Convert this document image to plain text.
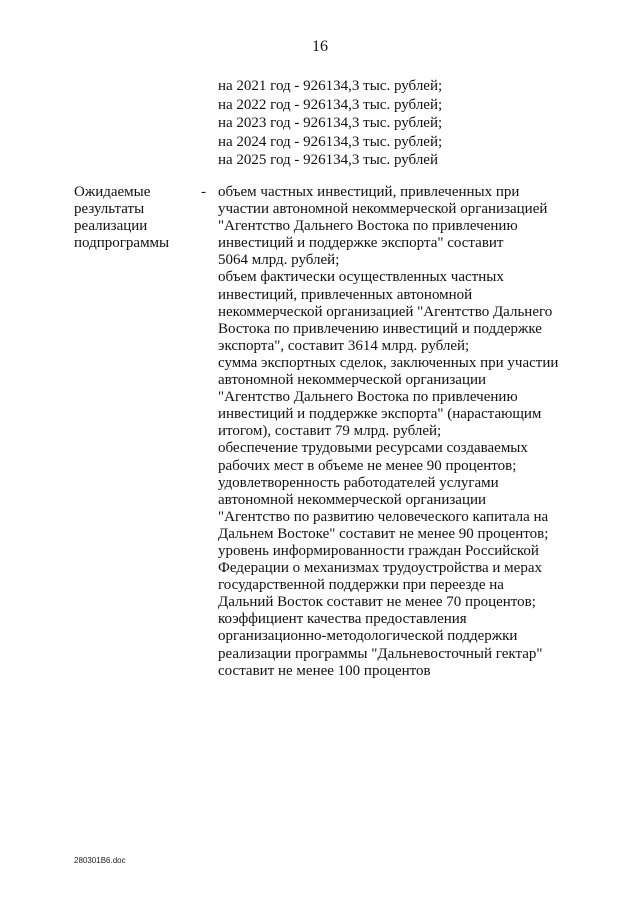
16
на 2021 год - 926134,3 тыс. рублей;
на 2022 год - 926134,3 тыс. рублей;
на 2023 год - 926134,3 тыс. рублей;
на 2024 год - 926134,3 тыс. рублей;
на 2025 год - 926134,3 тыс. рублей
Ожидаемые
результаты
реализации
подпрограммы
- объем частных инвестиций, привлеченных при
участии автономной некоммерческой организацией
"Агентство Дальнего Востока по привлечению
инвестиций и поддержке экспорта" составит
5064 млрд. рублей;
объем фактически осуществленных частных
инвестиций, привлеченных автономной
некоммерческой организацией "Агентство Дальнего
Востока по привлечению инвестиций и поддержке
экспорта", составит 3614 млрд. рублей;
сумма экспортных сделок, заключенных при участии
автономной некоммерческой организации
"Агентство Дальнего Востока по привлечению
инвестиций и поддержке экспорта" (нарастающим
итогом), составит 79 млрд. рублей;
обеспечение трудовыми ресурсами создаваемых
рабочих мест в объеме не менее 90 процентов;
удовлетворенность работодателей услугами
автономной некоммерческой организации
"Агентство по развитию человеческого капитала на
Дальнем Востоке" составит не менее 90 процентов;
уровень информированности граждан Российской
Федерации о механизмах трудоустройства и мерах
государственной поддержки при переезде на
Дальний Восток составит не менее 70 процентов;
коэффициент качества предоставления
организационно-методологической поддержки
реализации программы "Дальневосточный гектар"
составит не менее 100 процентов
280301В6.doc
